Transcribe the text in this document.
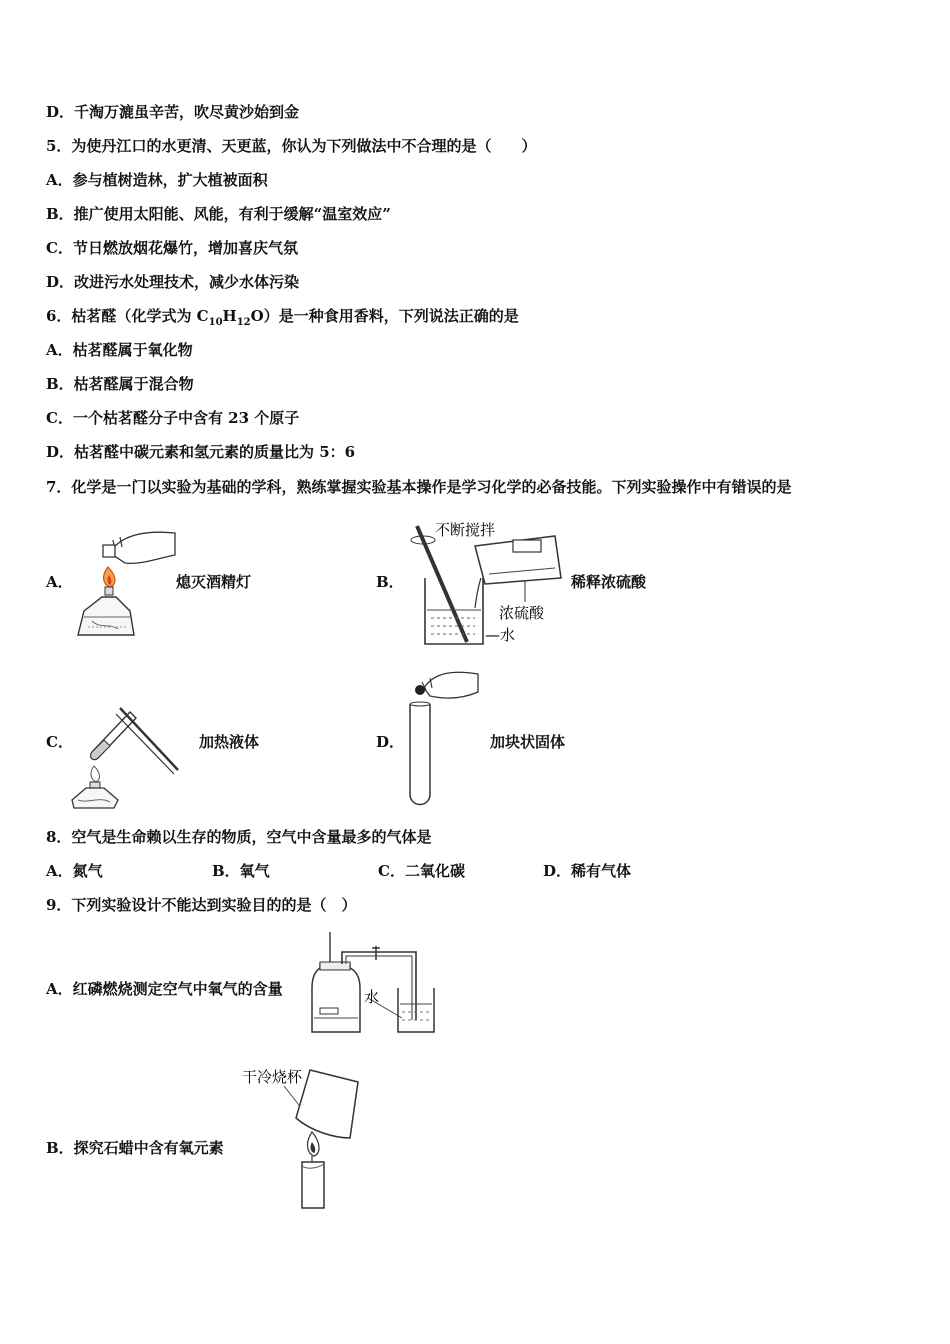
D．千淘万漉虽辛苦，吹尽黄沙始到金
5．为使丹江口的水更清、天更蓝，你认为下列做法中不合理的是（　　）
A．参与植树造林，扩大植被面积
B．推广使用太阳能、风能，有利于缓解“温室效应”
C．节日燃放烟花爆竹，增加喜庆气氛
D．改进污水处理技术，减少水体污染
6．枯茗醛（化学式为 $C_{10}H_{12}O$）是一种食用香料，下列说法正确的是
A．枯茗醛属于氧化物
B．枯茗醛属于混合物
C．一个枯茗醛分子中含有 23 个原子
D．枯茗醛中碳元素和氢元素的质量比为 5：6
7．化学是一门以实验为基础的学科，熟练掌握实验基本操作是学习化学的必备技能。下列实验操作中有错误的是
A．	熄灭酒精灯	B．
不断搅拌
浓硫酸
—水
稀释浓硫酸
C．	加热液体	D．	加块状固体
8．空气是生命赖以生存的物质，空气中含量最多的气体是
A．氮气	B．氧气	C．二氧化碳	D．稀有气体
9．下列实验设计不能达到实验目的的是（　）
A．红磷燃烧测定空气中氧气的含量	水
B．探究石蜡中含有氧元素
干冷烧杯
